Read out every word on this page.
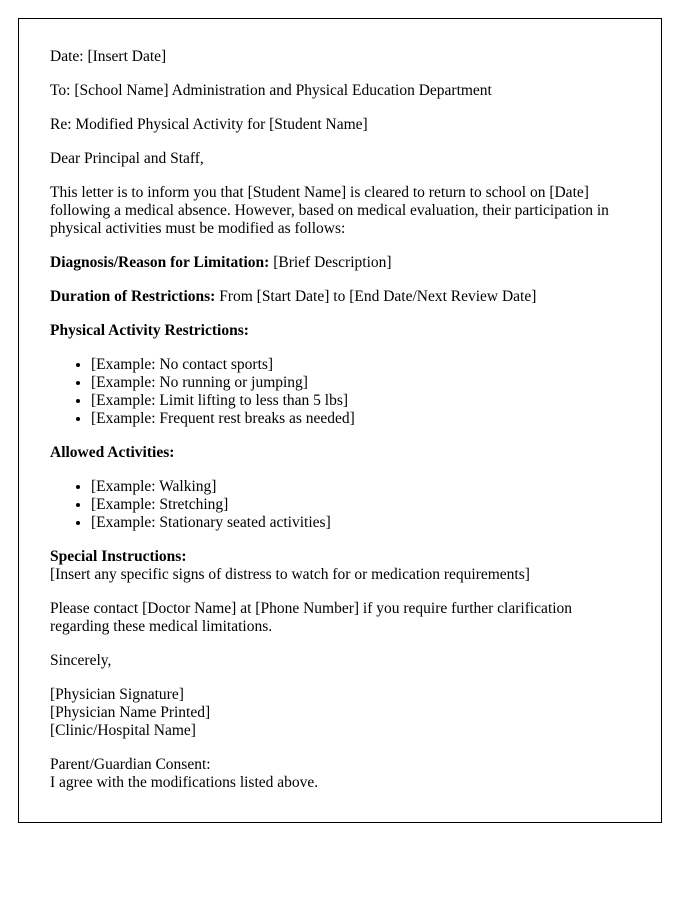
Date: [Insert Date]

To: [School Name] Administration and Physical Education Department

Re: Modified Physical Activity for [Student Name]

Dear Principal and Staff,

This letter is to inform you that [Student Name] is cleared to return to school on [Date] following a medical absence. However, based on medical evaluation, their participation in physical activities must be modified as follows:

Diagnosis/Reason for Limitation: [Brief Description]

Duration of Restrictions: From [Start Date] to [End Date/Next Review Date]

Physical Activity Restrictions:

• [Example: No contact sports]
• [Example: No running or jumping]
• [Example: Limit lifting to less than 5 lbs]
• [Example: Frequent rest breaks as needed]

Allowed Activities:

• [Example: Walking]
• [Example: Stretching]
• [Example: Stationary seated activities]

Special Instructions:
[Insert any specific signs of distress to watch for or medication requirements]

Please contact [Doctor Name] at [Phone Number] if you require further clarification regarding these medical limitations.

Sincerely,

[Physician Signature]
[Physician Name Printed]
[Clinic/Hospital Name]

Parent/Guardian Consent:
I agree with the modifications listed above.
